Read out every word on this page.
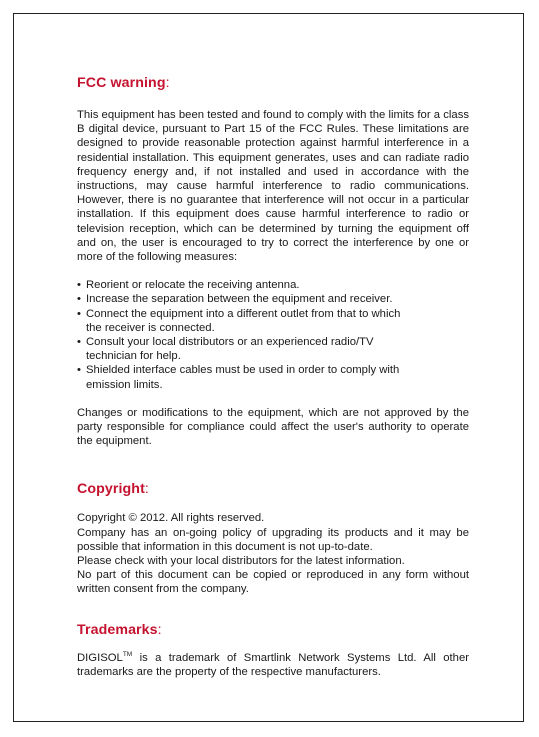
FCC warning:

This equipment has been tested and found to comply with the limits for a class B digital device, pursuant to Part 15 of the FCC Rules. These limitations are designed to provide reasonable protection against harmful interference in a residential installation. This equipment generates, uses and can radiate radio frequency energy and, if not installed and used in accordance with the instructions, may cause harmful interference to radio communications. However, there is no guarantee that interference will not occur in a particular installation. If this equipment does cause harmful interference to radio or television reception, which can be determined by turning the equipment off and on, the user is encouraged to try to correct the interference by one or more of the following measures:

• Reorient or relocate the receiving antenna.
• Increase the separation between the equipment and receiver.
• Connect the equipment into a different outlet from that to which
the receiver is connected.
• Consult your local distributors or an experienced radio/TV
technician for help.
• Shielded interface cables must be used in order to comply with
emission limits.

Changes or modifications to the equipment, which are not approved by the party responsible for compliance could affect the user's authority to operate the equipment.

Copyright:

Copyright © 2012. All rights reserved.

Company has an on-going policy of upgrading its products and it may be possible that information in this document is not up-to-date.

Please check with your local distributors for the latest information.

No part of this document can be copied or reproduced in any form without written consent from the company.

Trademarks:

DIGISOL™ is a trademark of Smartlink Network Systems Ltd. All other trademarks are the property of the respective manufacturers.
